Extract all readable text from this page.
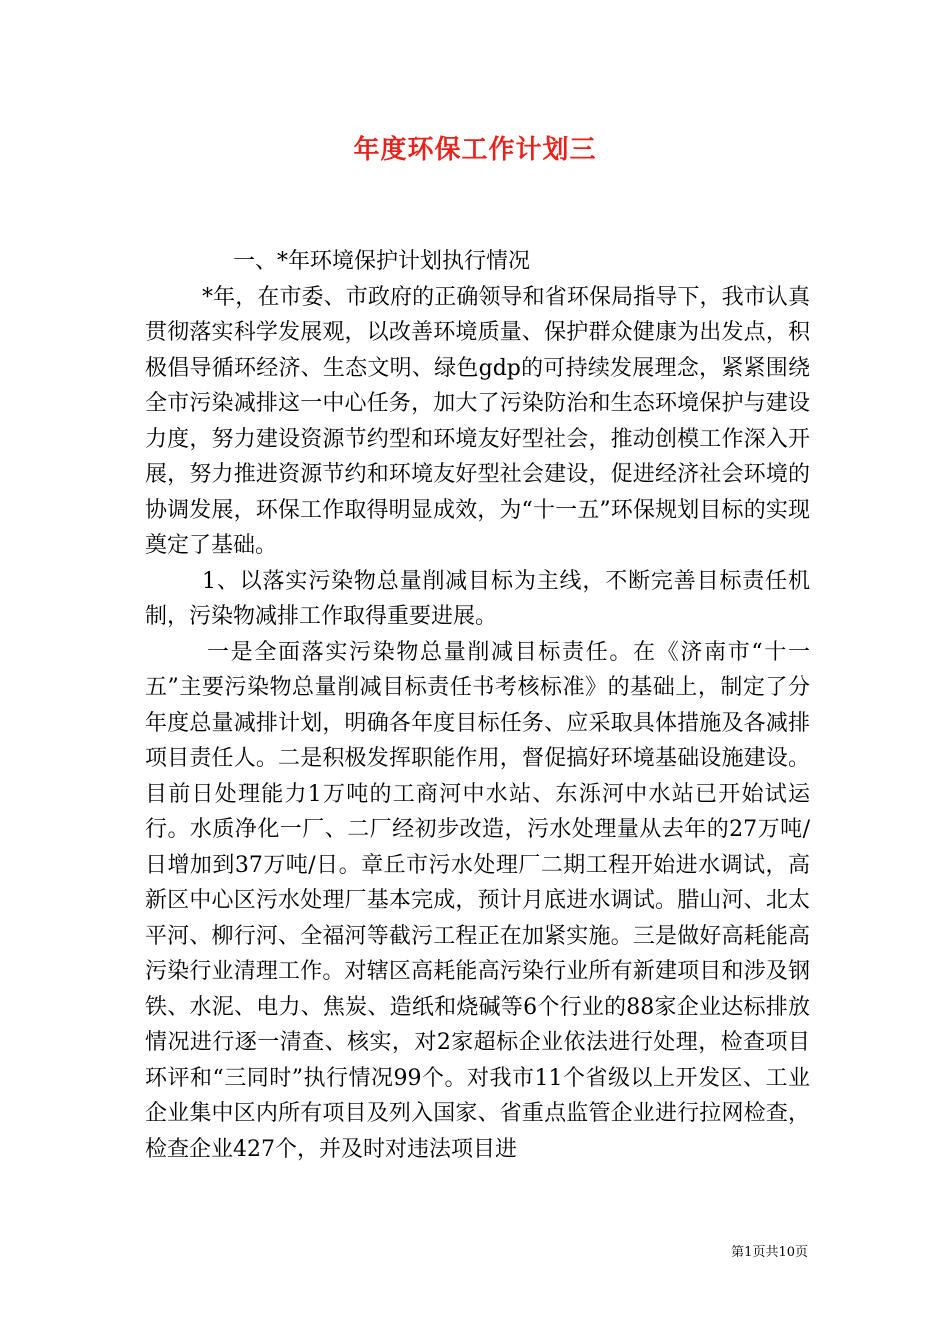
年度环保工作计划三

一、*年环境保护计划执行情况

*年，在市委、市政府的正确领导和省环保局指导下，我市认真贯彻落实科学发展观，以改善环境质量、保护群众健康为出发点，积极倡导循环经济、生态文明、绿色gdp的可持续发展理念，紧紧围绕全市污染减排这一中心任务，加大了污染防治和生态环境保护与建设力度，努力建设资源节约型和环境友好型社会，推动创模工作深入开展，努力推进资源节约和环境友好型社会建设，促进经济社会环境的协调发展，环保工作取得明显成效，为“十一五”环保规划目标的实现奠定了基础。

1、以落实污染物总量削减目标为主线，不断完善目标责任机制，污染物减排工作取得重要进展。

一是全面落实污染物总量削减目标责任。在《济南市“十一五”主要污染物总量削减目标责任书考核标准》的基础上，制定了分年度总量减排计划，明确各年度目标任务、应采取具体措施及各减排项目责任人。二是积极发挥职能作用，督促搞好环境基础设施建设。目前日处理能力1万吨的工商河中水站、东泺河中水站已开始试运行。水质净化一厂、二厂经初步改造，污水处理量从去年的27万吨/日增加到37万吨/日。章丘市污水处理厂二期工程开始进水调试，高新区中心区污水处理厂基本完成，预计月底进水调试。腊山河、北太平河、柳行河、全福河等截污工程正在加紧实施。三是做好高耗能高污染行业清理工作。对辖区高耗能高污染行业所有新建项目和涉及钢铁、水泥、电力、焦炭、造纸和烧碱等6个行业的88家企业达标排放情况进行逐一清查、核实，对2家超标企业依法进行处理，检查项目环评和“三同时”执行情况99个。对我市11个省级以上开发区、工业企业集中区内所有项目及列入国家、省重点监管企业进行拉网检查，检查企业427个，并及时对违法项目进

第1页共10页
